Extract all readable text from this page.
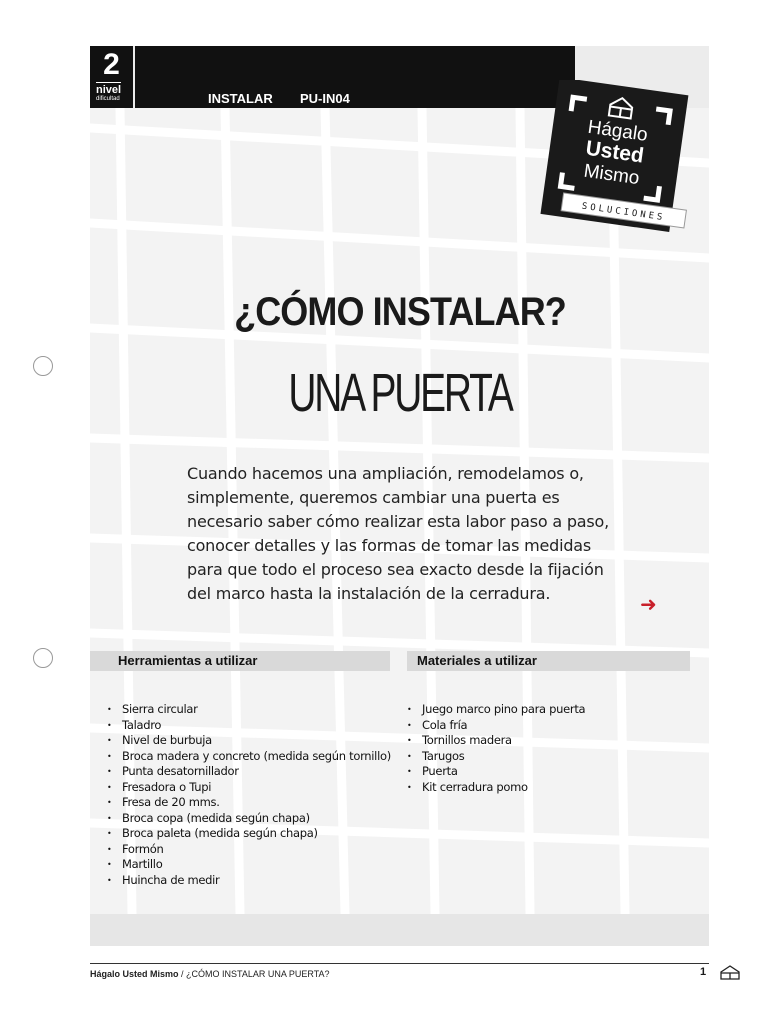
2
nivel
dificultad	INSTALAR PU-IN04
Hágalo
Usted
Mismo
SOLUCIONES
¿CÓMO INSTALAR?
UNA PUERTA

Cuando hacemos una ampliación, remodelamos o, simplemente, queremos cambiar una puerta es necesario saber cómo realizar esta labor paso a paso, conocer detalles y las formas de tomar las medidas para que todo el proceso sea exacto desde la fijación del marco hasta la instalación de la cerradura.	➜
Herramientas a utilizar	Materiales a utilizar
• Sierra circular
• Taladro
• Nivel de burbuja
• Broca madera y concreto (medida según tornillo)
• Punta desatornillador
• Fresadora o Tupi
• Fresa de 20 mms.
• Broca copa (medida según chapa)
• Broca paleta (medida según chapa)
• Formón
• Martillo
• Huincha de medir
• Juego marco pino para puerta
• Cola fría
• Tornillos madera
• Tarugos
• Puerta
• Kit cerradura pomo
Hágalo Usted Mismo / ¿CÓMO INSTALAR UNA PUERTA?	1
